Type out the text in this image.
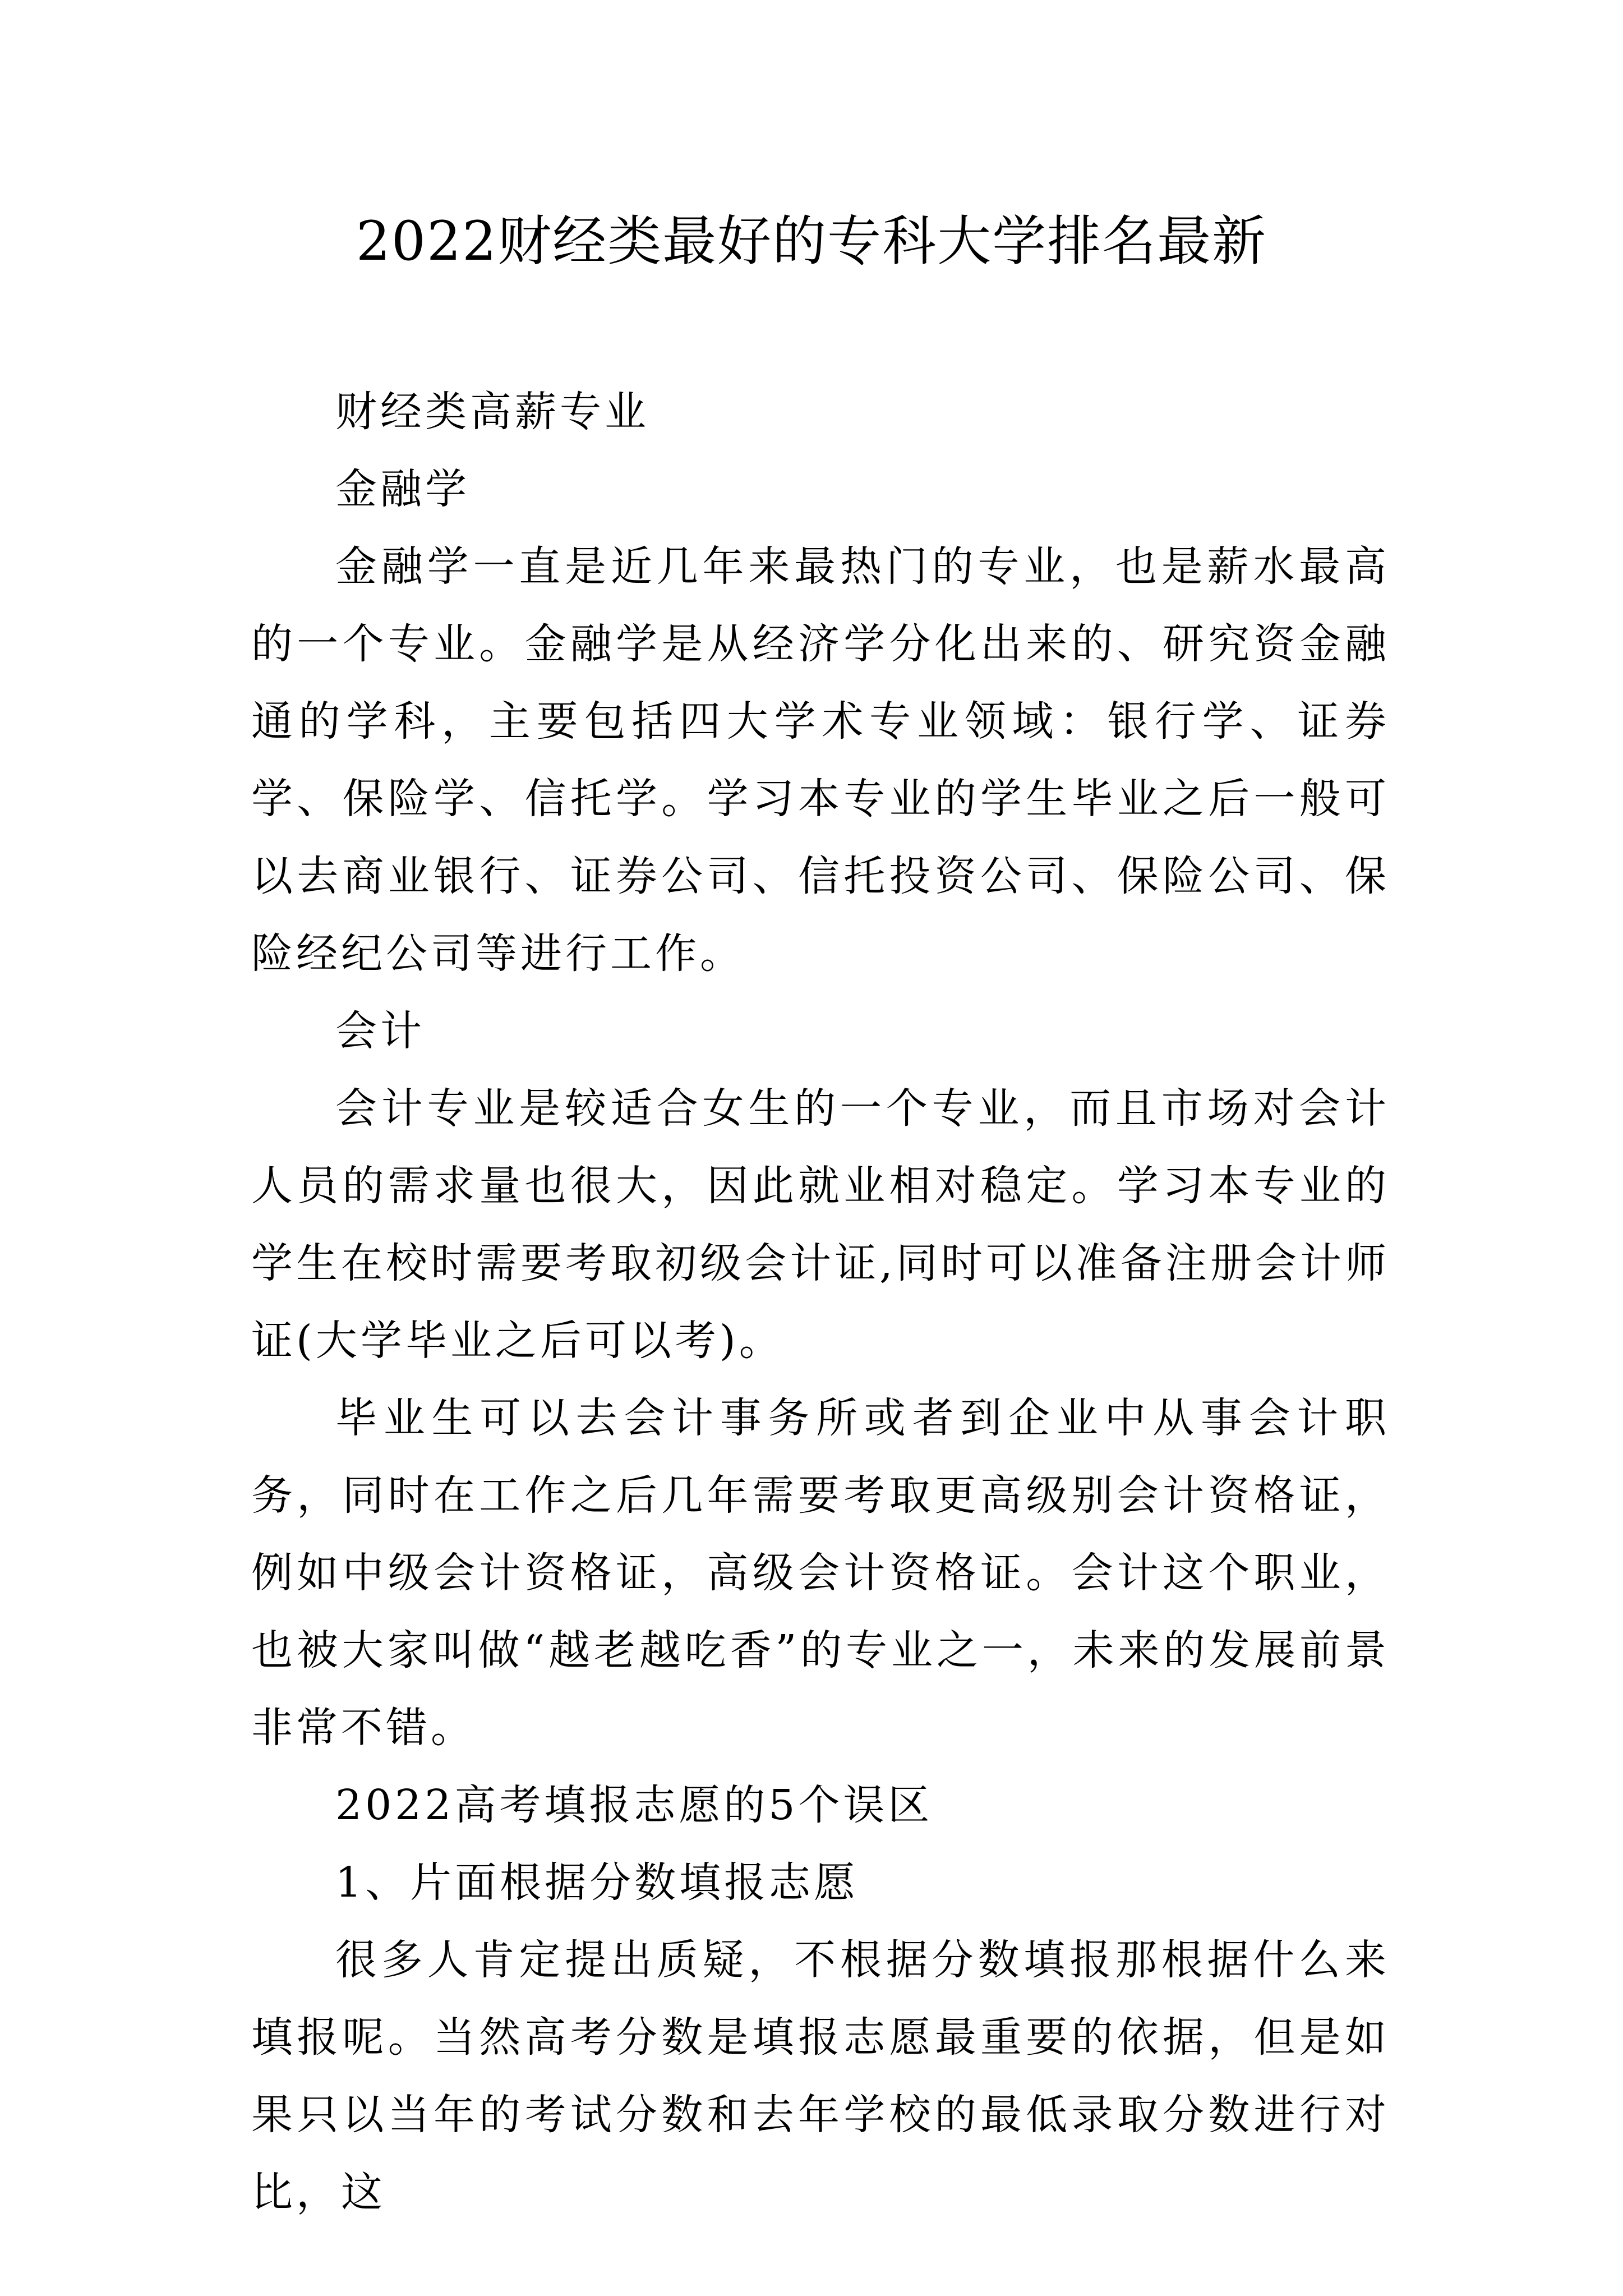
2022财经类最好的专科大学排名最新

财经类高薪专业

金融学

金融学一直是近几年来最热门的专业，也是薪水最高的一个专业。金融学是从经济学分化出来的、研究资金融通的学科，主要包括四大学术专业领域：银行学、证券学、保险学、信托学。学习本专业的学生毕业之后一般可以去商业银行、证券公司、信托投资公司、保险公司、保险经纪公司等进行工作。

会计

会计专业是较适合女生的一个专业，而且市场对会计人员的需求量也很大，因此就业相对稳定。学习本专业的学生在校时需要考取初级会计证,同时可以准备注册会计师证(大学毕业之后可以考)。

毕业生可以去会计事务所或者到企业中从事会计职务，同时在工作之后几年需要考取更高级别会计资格证，例如中级会计资格证，高级会计资格证。会计这个职业，也被大家叫做“越老越吃香”的专业之一，未来的发展前景非常不错。

2022高考填报志愿的5个误区

1、片面根据分数填报志愿

很多人肯定提出质疑，不根据分数填报那根据什么来填报呢。当然高考分数是填报志愿最重要的依据，但是如果只以当年的考试分数和去年学校的最低录取分数进行对比，这
